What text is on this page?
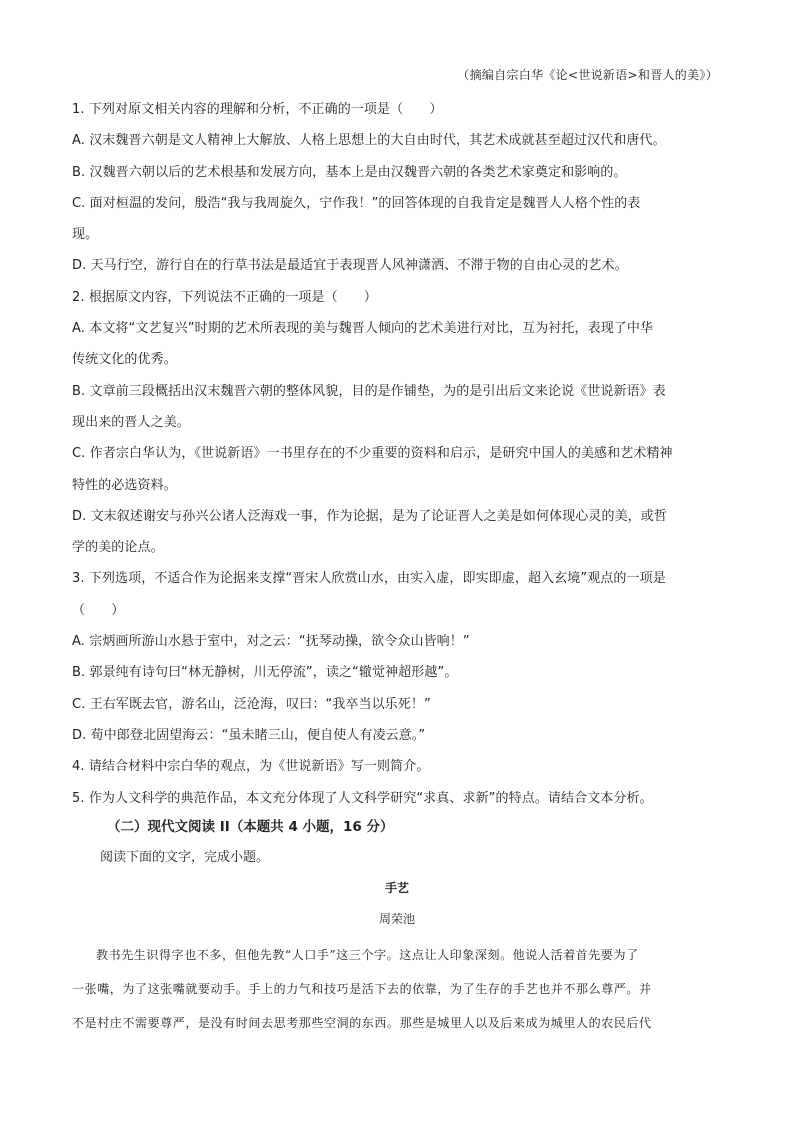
（摘编自宗白华《论<世说新语>和晋人的美》）
1. 下列对原文相关内容的理解和分析，不正确的一项是（　　）
A. 汉末魏晋六朝是文人精神上大解放、人格上思想上的大自由时代，其艺术成就甚至超过汉代和唐代。
B. 汉魏晋六朝以后的艺术根基和发展方向，基本上是由汉魏晋六朝的各类艺术家奠定和影响的。
C. 面对桓温的发问，殷浩“我与我周旋久，宁作我！”的回答体现的自我肯定是魏晋人人格个性的表
现。
D. 天马行空，游行自在的行草书法是最适宜于表现晋人风神潇洒、不滞于物的自由心灵的艺术。
2. 根据原文内容，下列说法不正确的一项是（　　）
A. 本文将“文艺复兴”时期的艺术所表现的美与魏晋人倾向的艺术美进行对比，互为衬托，表现了中华
传统文化的优秀。
B. 文章前三段概括出汉末魏晋六朝的整体风貌，目的是作铺垫，为的是引出后文来论说《世说新语》表
现出来的晋人之美。
C. 作者宗白华认为，《世说新语》一书里存在的不少重要的资料和启示，是研究中国人的美感和艺术精神
特性的必选资料。
D. 文末叙述谢安与孙兴公诸人泛海戏一事，作为论据，是为了论证晋人之美是如何体现心灵的美，或哲
学的美的论点。
3. 下列选项，不适合作为论据来支撑“晋宋人欣赏山水，由实入虚，即实即虚，超入玄境”观点的一项是
（　　）
A. 宗炳画所游山水悬于室中，对之云：“抚琴动操，欲令众山皆响！”
B. 郭景纯有诗句曰“林无静树，川无停流”，读之“辙觉神超形越”。
C. 王右军既去官，游名山，泛沧海，叹曰：“我卒当以乐死！”
D. 荀中郎登北固望海云：“虽未睹三山，便自使人有凌云意。”
4. 请结合材料中宗白华的观点，为《世说新语》写一则简介。
5. 作为人文科学的典范作品，本文充分体现了人文科学研究“求真、求新”的特点。请结合文本分析。
（二）现代文阅读 II（本题共 4 小题，16 分）
阅读下面的文字，完成小题。
手艺
周荣池
教书先生识得字也不多，但他先教“人口手”这三个字。这点让人印象深刻。他说人活着首先要为了
一张嘴，为了这张嘴就要动手。手上的力气和技巧是活下去的依靠，为了生存的手艺也并不那么尊严。并
不是村庄不需要尊严，是没有时间去思考那些空洞的东西。那些是城里人以及后来成为城里人的农民后代
